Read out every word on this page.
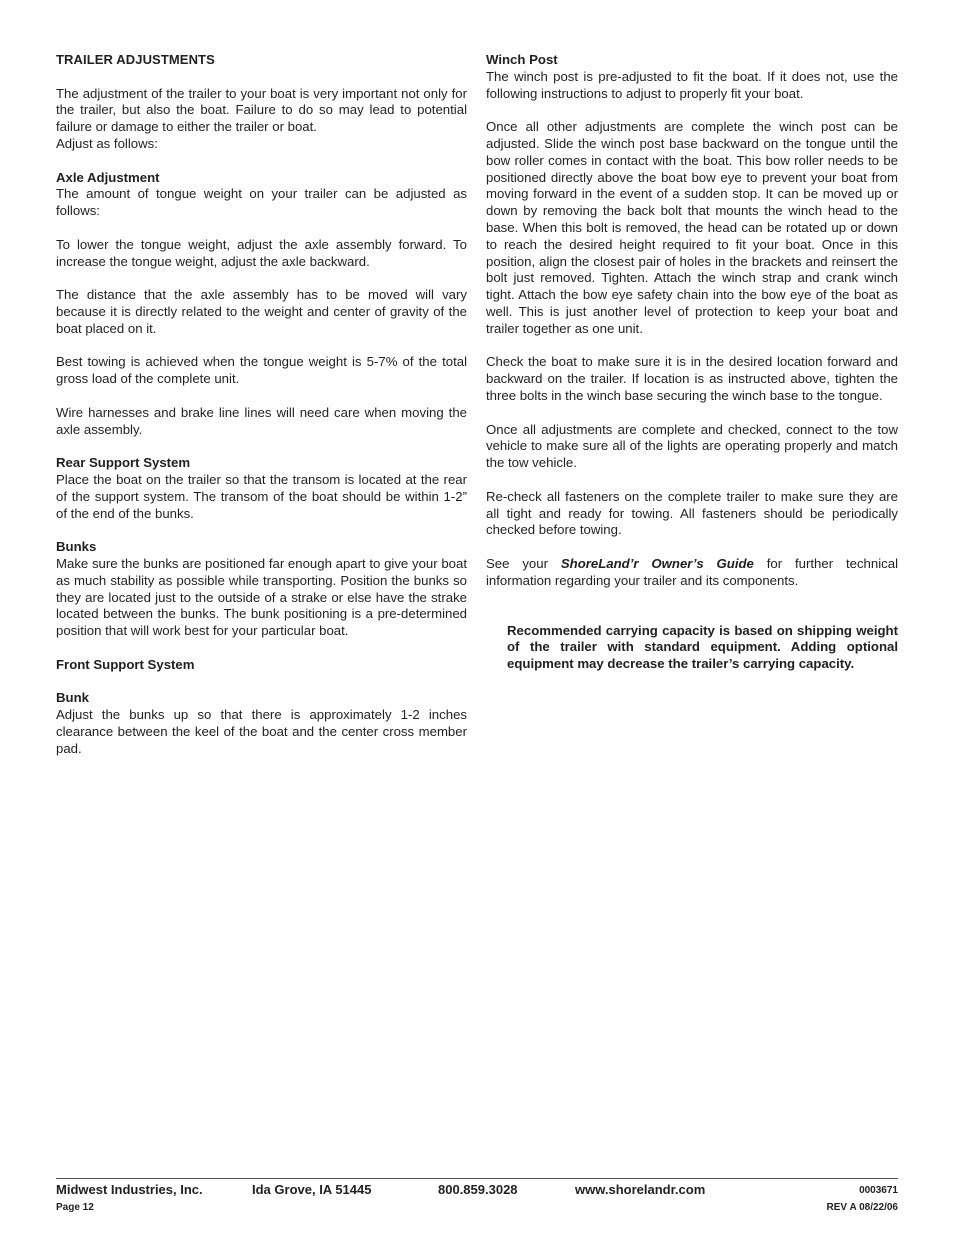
TRAILER ADJUSTMENTS

The adjustment of the trailer to your boat is very important not only for the trailer, but also the boat. Failure to do so may lead to potential failure or damage to either the trailer or boat.

Adjust as follows:

Axle Adjustment

The amount of tongue weight on your trailer can be adjusted as follows:

To lower the tongue weight, adjust the axle assembly forward. To increase the tongue weight, adjust the axle backward.

The distance that the axle assembly has to be moved will vary because it is directly related to the weight and center of gravity of the boat placed on it.

Best towing is achieved when the tongue weight is 5-7% of the total gross load of the complete unit.

Wire harnesses and brake line lines will need care when moving the axle assembly.

Rear Support System

Place the boat on the trailer so that the transom is located at the rear of the support system. The transom of the boat should be within 1-2” of the end of the bunks.

Bunks

Make sure the bunks are positioned far enough apart to give your boat as much stability as possible while transporting. Position the bunks so they are located just to the outside of a strake or else have the strake located between the bunks. The bunk positioning is a pre-determined position that will work best for your particular boat.

Front Support System

Bunk

Adjust the bunks up so that there is approximately 1-2 inches clearance between the keel of the boat and the center cross member pad.

Winch Post

The winch post is pre-adjusted to fit the boat. If it does not, use the following instructions to adjust to properly fit your boat.

Once all other adjustments are complete the winch post can be adjusted. Slide the winch post base backward on the tongue until the bow roller comes in contact with the boat. This bow roller needs to be positioned directly above the boat bow eye to prevent your boat from moving forward in the event of a sudden stop. It can be moved up or down by removing the back bolt that mounts the winch head to the base. When this bolt is removed, the head can be rotated up or down to reach the desired height required to fit your boat. Once in this position, align the closest pair of holes in the brackets and reinsert the bolt just removed. Tighten. Attach the winch strap and crank winch tight. Attach the bow eye safety chain into the bow eye of the boat as well. This is just another level of protection to keep your boat and trailer together as one unit.

Check the boat to make sure it is in the desired location forward and backward on the trailer. If location is as instructed above, tighten the three bolts in the winch base securing the winch base to the tongue.

Once all adjustments are complete and checked, connect to the tow vehicle to make sure all of the lights are operating properly and match the tow vehicle.

Re-check all fasteners on the complete trailer to make sure they are all tight and ready for towing. All fasteners should be periodically checked before towing.

See your ShoreLand’r Owner’s Guide for further technical information regarding your trailer and its components.

Recommended carrying capacity is based on shipping weight of the trailer with standard equipment. Adding optional equipment may decrease the trailer’s carrying capacity.

Midwest Industries, Inc.	Ida Grove, IA 51445	800.859.3028	www.shorelandr.com	0003671
Page 12	REV A 08/22/06
